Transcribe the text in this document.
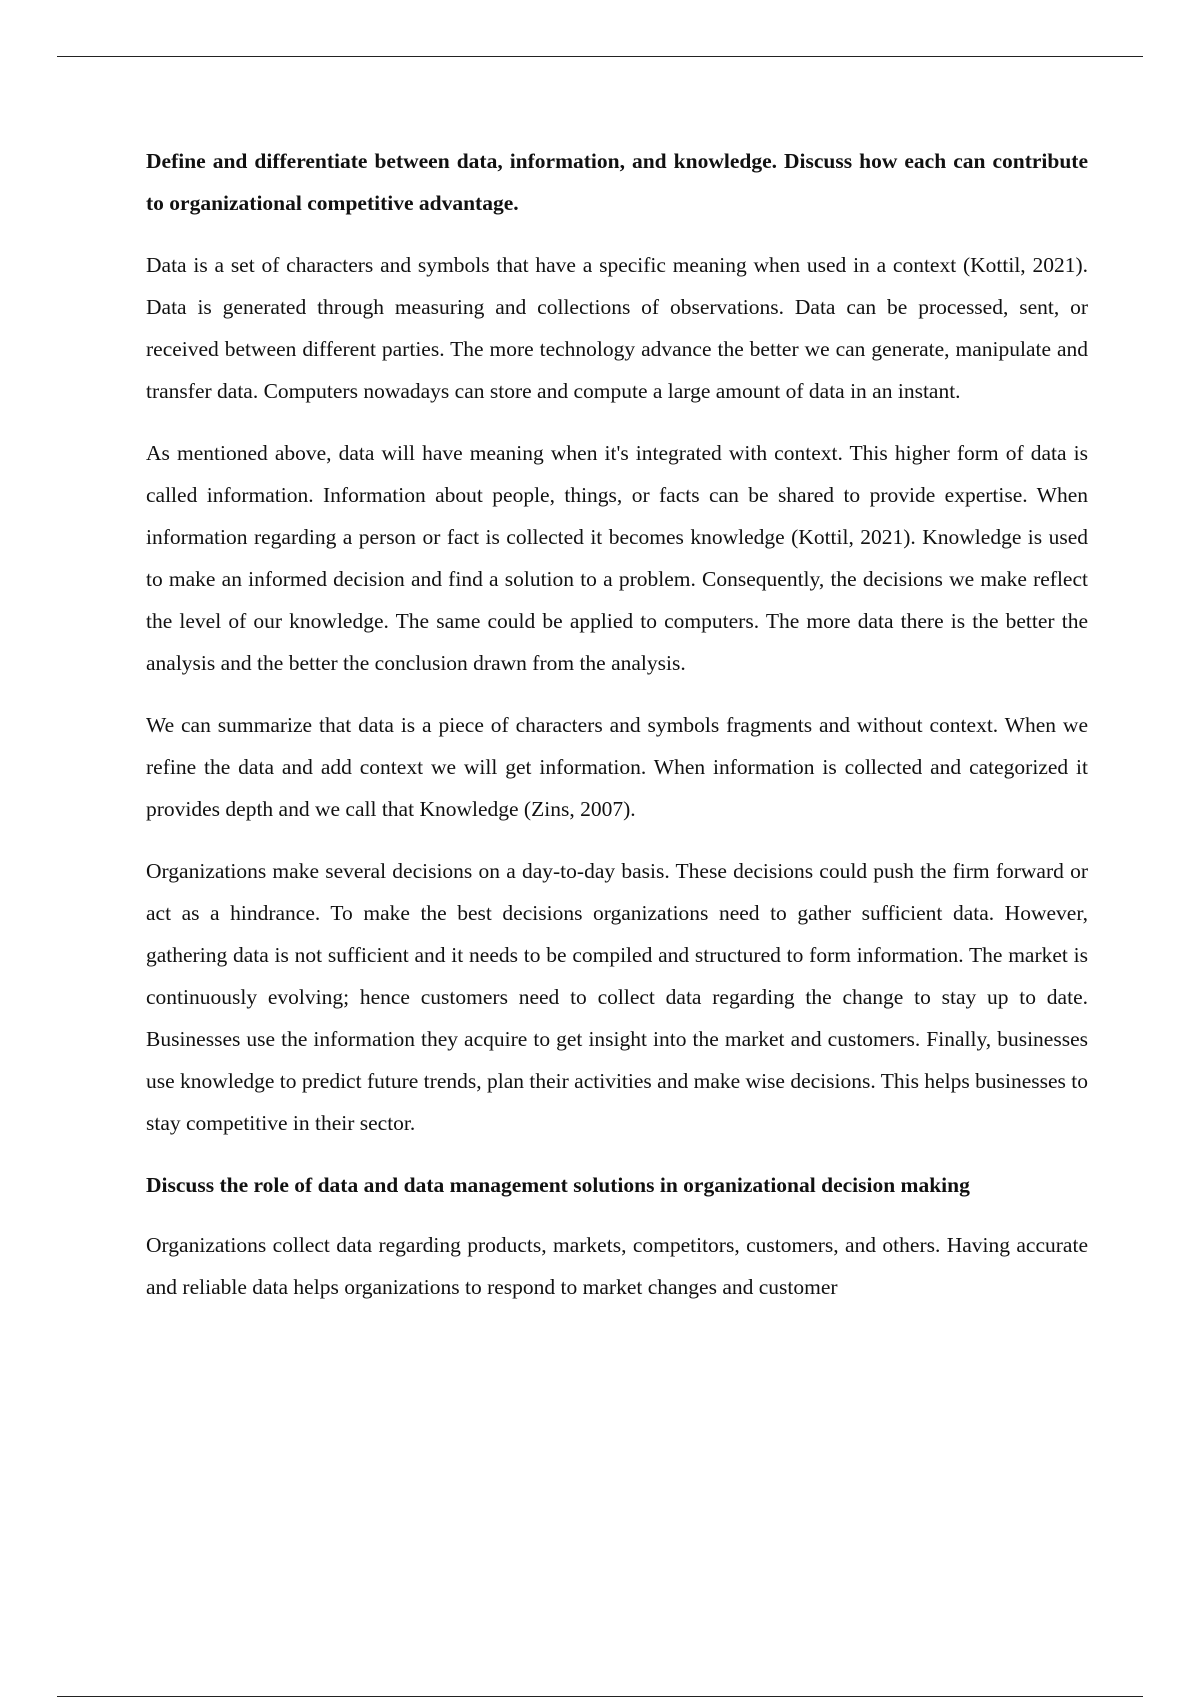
Define and differentiate between data, information, and knowledge. Discuss how each can contribute to organizational competitive advantage.

Data is a set of characters and symbols that have a specific meaning when used in a context (Kottil, 2021). Data is generated through measuring and collections of observations. Data can be processed, sent, or received between different parties. The more technology advance the better we can generate, manipulate and transfer data. Computers nowadays can store and compute a large amount of data in an instant.

As mentioned above, data will have meaning when it's integrated with context. This higher form of data is called information. Information about people, things, or facts can be shared to provide expertise. When information regarding a person or fact is collected it becomes knowledge (Kottil, 2021). Knowledge is used to make an informed decision and find a solution to a problem. Consequently, the decisions we make reflect the level of our knowledge. The same could be applied to computers. The more data there is the better the analysis and the better the conclusion drawn from the analysis.

We can summarize that data is a piece of characters and symbols fragments and without context. When we refine the data and add context we will get information. When information is collected and categorized it provides depth and we call that Knowledge (Zins, 2007).

Organizations make several decisions on a day-to-day basis. These decisions could push the firm forward or act as a hindrance. To make the best decisions organizations need to gather sufficient data. However, gathering data is not sufficient and it needs to be compiled and structured to form information. The market is continuously evolving; hence customers need to collect data regarding the change to stay up to date. Businesses use the information they acquire to get insight into the market and customers. Finally, businesses use knowledge to predict future trends, plan their activities and make wise decisions. This helps businesses to stay competitive in their sector.

Discuss the role of data and data management solutions in organizational decision making

Organizations collect data regarding products, markets, competitors, customers, and others. Having accurate and reliable data helps organizations to respond to market changes and customer
